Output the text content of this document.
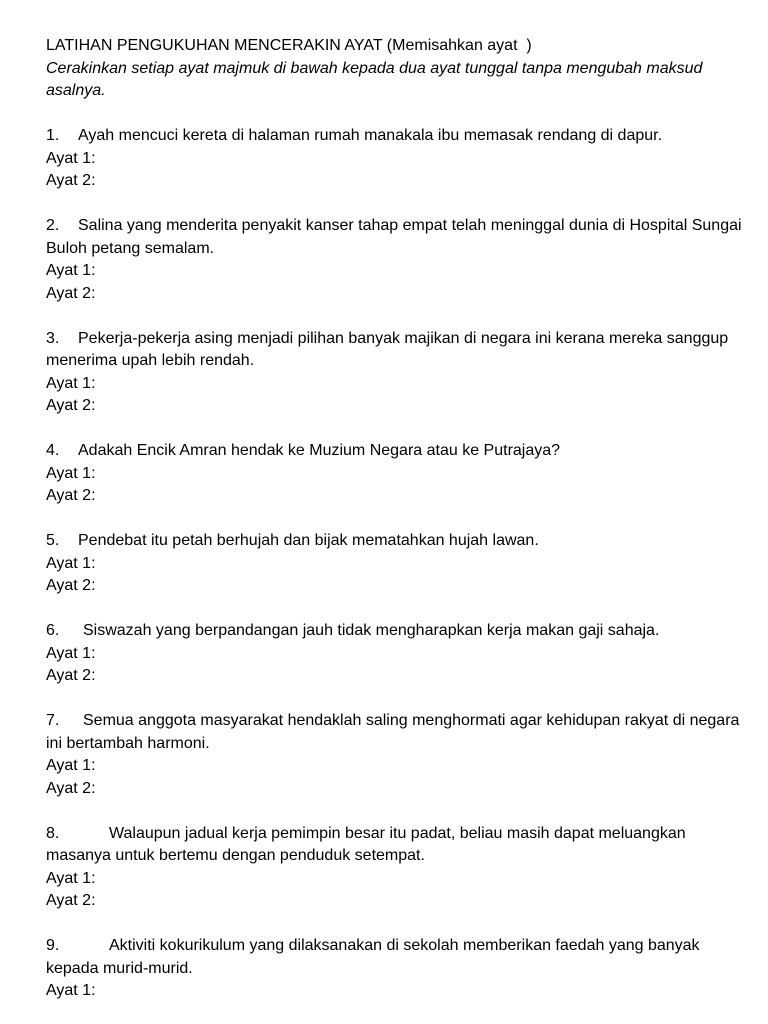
LATIHAN PENGUKUHAN MENCERAKIN AYAT (Memisahkan ayat  )

Cerakinkan setiap ayat majmuk di bawah kepada dua ayat tunggal tanpa mengubah maksud asalnya.

1. Ayah mencuci kereta di halaman rumah manakala ibu memasak rendang di dapur.

Ayat 1:

Ayat 2:

2. Salina yang menderita penyakit kanser tahap empat telah meninggal dunia di Hospital Sungai Buloh petang semalam.

Ayat 1:

Ayat 2:

3. Pekerja-pekerja asing menjadi pilihan banyak majikan di negara ini kerana mereka sanggup menerima upah lebih rendah.

Ayat 1:

Ayat 2:

4. Adakah Encik Amran hendak ke Muzium Negara atau ke Putrajaya?

Ayat 1:

Ayat 2:

5. Pendebat itu petah berhujah dan bijak mematahkan hujah lawan.

Ayat 1:

Ayat 2:

6. Siswazah yang berpandangan jauh tidak mengharapkan kerja makan gaji sahaja.

Ayat 1:

Ayat 2:

7. Semua anggota masyarakat hendaklah saling menghormati agar kehidupan rakyat di negara ini bertambah harmoni.

Ayat 1:

Ayat 2:

8.	Walaupun jadual kerja pemimpin besar itu padat, beliau masih dapat meluangkan masanya untuk bertemu dengan penduduk setempat.

Ayat 1:

Ayat 2:

9.	Aktiviti kokurikulum yang dilaksanakan di sekolah memberikan faedah yang banyak kepada murid-murid.

Ayat 1:
